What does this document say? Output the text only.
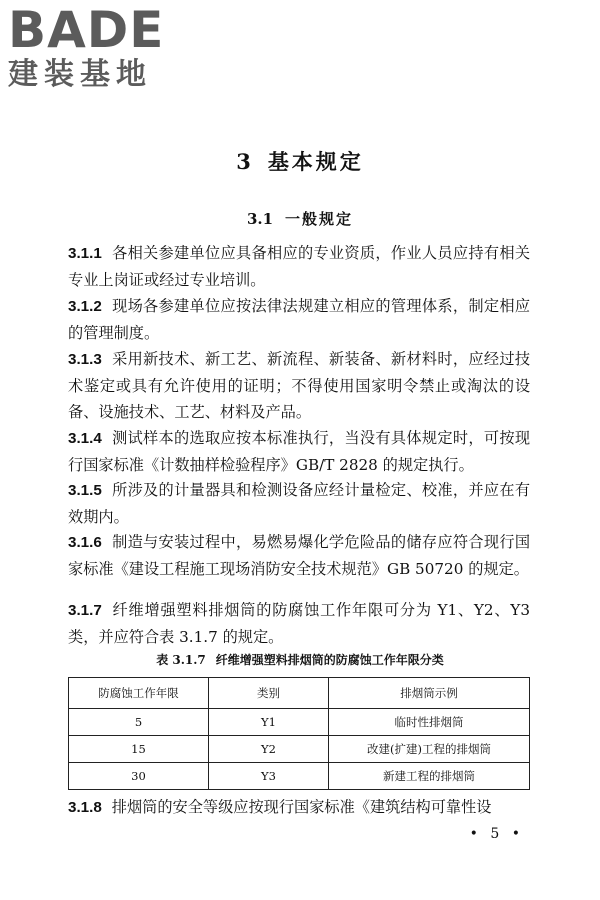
BADE
建装基地
3 基本规定
3.1 一般规定
3.1.1 各相关参建单位应具备相应的专业资质，作业人员应持有相关专业上岗证或经过专业培训。
3.1.2 现场各参建单位应按法律法规建立相应的管理体系，制定相应的管理制度。
3.1.3 采用新技术、新工艺、新流程、新装备、新材料时，应经过技术鉴定或具有允许使用的证明；不得使用国家明令禁止或淘汰的设备、设施技术、工艺、材料及产品。
3.1.4 测试样本的选取应按本标准执行，当没有具体规定时，可按现行国家标准《计数抽样检验程序》GB/T 2828 的规定执行。
3.1.5 所涉及的计量器具和检测设备应经计量检定、校准，并应在有效期内。
3.1.6 制造与安装过程中，易燃易爆化学危险品的储存应符合现行国家标准《建设工程施工现场消防安全技术规范》GB 50720 的规定。
3.1.7 纤维增强塑料排烟筒的防腐蚀工作年限可分为 Y1、Y2、Y3 类，并应符合表 3.1.7 的规定。
表 3.1.7 纤维增强塑料排烟筒的防腐蚀工作年限分类
防腐蚀工作年限	类别	排烟筒示例
5	Y1	临时性排烟筒
15	Y2	改建(扩建)工程的排烟筒
30	Y3	新建工程的排烟筒
3.1.8 排烟筒的安全等级应按现行国家标准《建筑结构可靠性设
• 5 •
